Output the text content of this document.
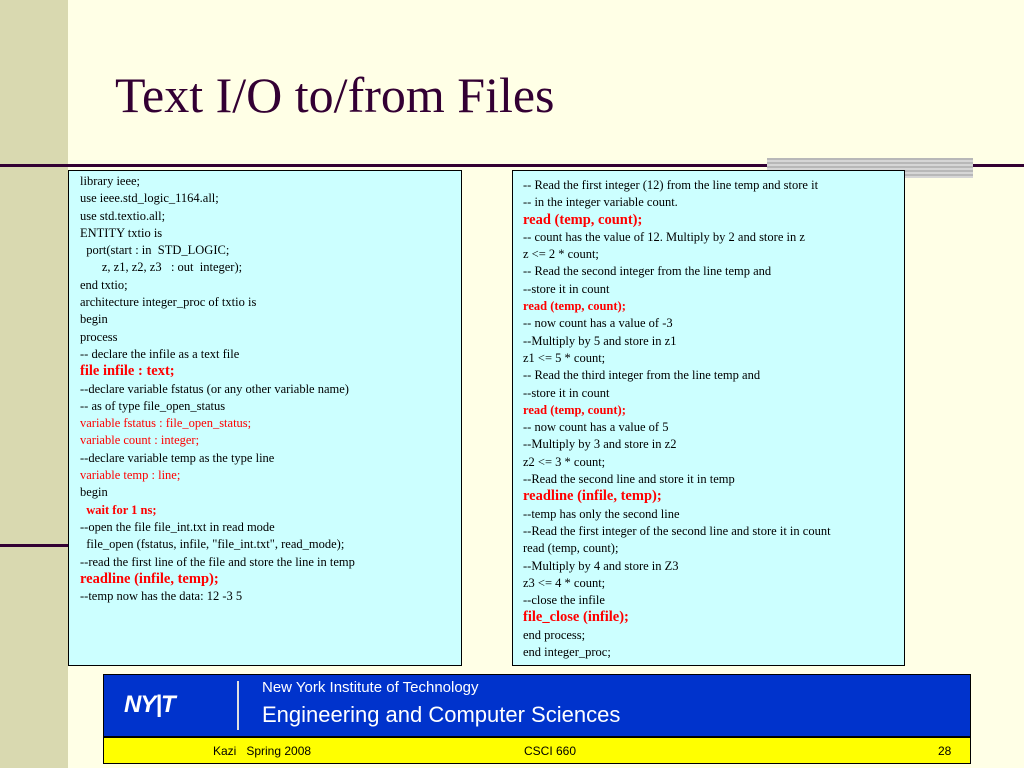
Text I/O to/from Files
library ieee;
use ieee.std_logic_1164.all;
use std.textio.all;
ENTITY txtio is
port(start : in  STD_LOGIC;
z, z1, z2, z3   : out  integer);
end txtio;
architecture integer_proc of txtio is
begin
process
-- declare the infile as a text file
file infile : text;
--declare variable fstatus (or any other variable name)
-- as of type file_open_status
variable fstatus : file_open_status;
variable count : integer;
--declare variable temp as the type line
variable temp : line;
begin
wait for 1 ns;
--open the file file_int.txt in read mode
file_open (fstatus, infile, "file_int.txt", read_mode);
--read the first line of the file and store the line in temp
readline (infile, temp);
--temp now has the data: 12 -3 5
-- Read the first integer (12) from the line temp and store it
-- in the integer variable count.
read (temp, count);
-- count has the value of 12. Multiply by 2 and store in z
z <= 2 * count;
-- Read the second integer from the line temp and
--store it in count
read (temp, count);
-- now count has a value of -3
--Multiply by 5 and store in z1
z1 <= 5 * count;
-- Read the third integer from the line temp and
--store it in count
read (temp, count);
-- now count has a value of 5
--Multiply by 3 and store in z2
z2 <= 3 * count;
--Read the second line and store it in temp
readline (infile, temp);
--temp has only the second line
--Read the first integer of the second line and store it in count
read (temp, count);
--Multiply by 4 and store in Z3
z3 <= 4 * count;
--close the infile
file_close (infile);
end process;
end integer_proc;
NY|T
New York Institute of Technology
Engineering and Computer Sciences
Kazi   Spring 2008	CSCI 660	28
